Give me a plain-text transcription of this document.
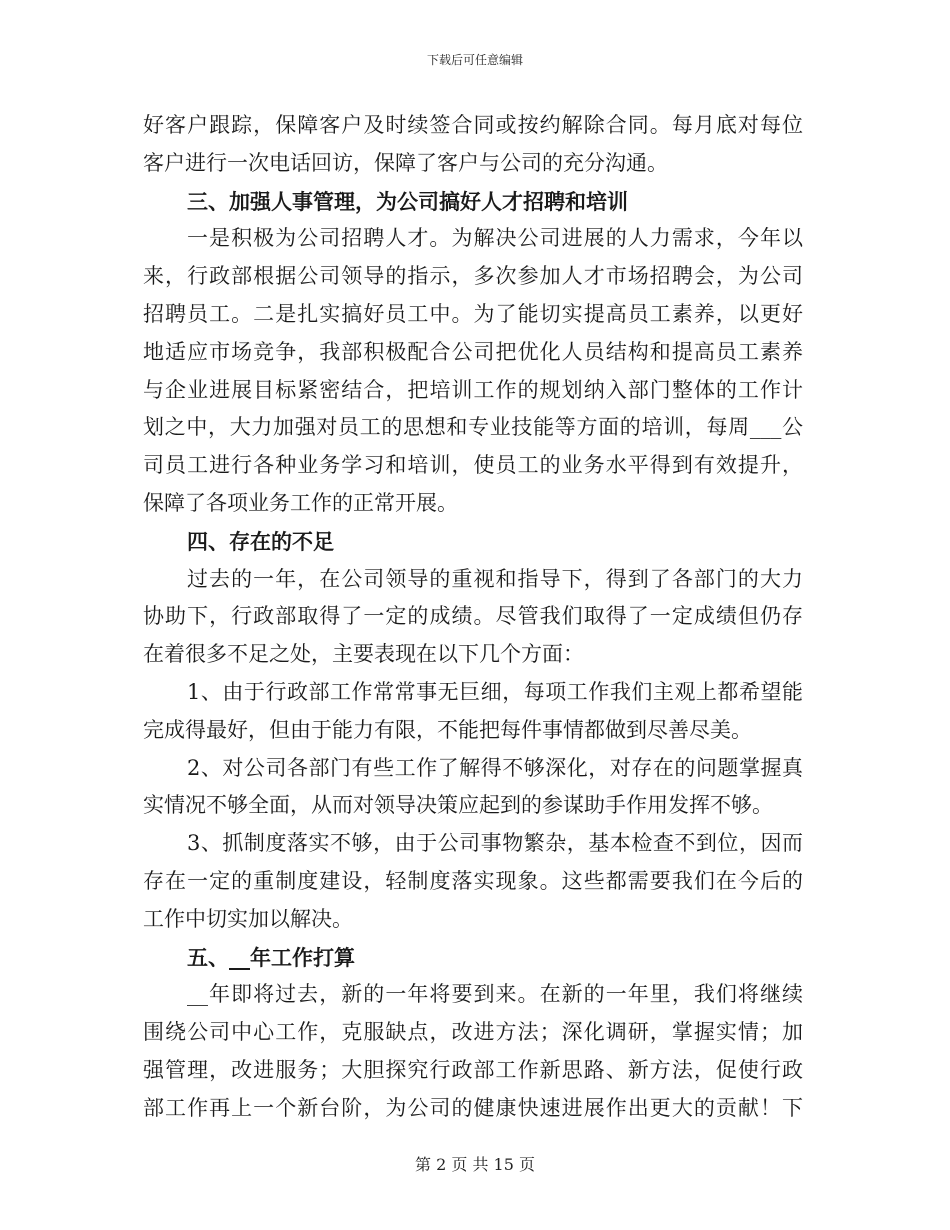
下载后可任意编辑
好客户跟踪，保障客户及时续签合同或按约解除合同。每月底对每位
客户进行一次电话回访，保障了客户与公司的充分沟通。
三、加强人事管理，为公司搞好人才招聘和培训
一是积极为公司招聘人才。为解决公司进展的人力需求，今年以
来，行政部根据公司领导的指示，多次参加人才市场招聘会，为公司
招聘员工。二是扎实搞好员工中。为了能切实提高员工素养，以更好
地适应市场竞争，我部积极配合公司把优化人员结构和提高员工素养
与企业进展目标紧密结合，把培训工作的规划纳入部门整体的工作计
划之中，大力加强对员工的思想和专业技能等方面的培训，每周___公
司员工进行各种业务学习和培训，使员工的业务水平得到有效提升，
保障了各项业务工作的正常开展。
四、存在的不足
过去的一年，在公司领导的重视和指导下，得到了各部门的大力
协助下，行政部取得了一定的成绩。尽管我们取得了一定成绩但仍存
在着很多不足之处，主要表现在以下几个方面：
1、由于行政部工作常常事无巨细，每项工作我们主观上都希望能
完成得最好，但由于能力有限，不能把每件事情都做到尽善尽美。
2、对公司各部门有些工作了解得不够深化，对存在的问题掌握真
实情况不够全面，从而对领导决策应起到的参谋助手作用发挥不够。
3、抓制度落实不够，由于公司事物繁杂，基本检查不到位，因而
存在一定的重制度建设，轻制度落实现象。这些都需要我们在今后的
工作中切实加以解决。
五、__年工作打算
__年即将过去，新的一年将要到来。在新的一年里，我们将继续
围绕公司中心工作，克服缺点，改进方法；深化调研，掌握实情；加
强管理，改进服务；大胆探究行政部工作新思路、新方法，促使行政
部工作再上一个新台阶，为公司的健康快速进展作出更大的贡献！下
第 2 页 共 15 页
